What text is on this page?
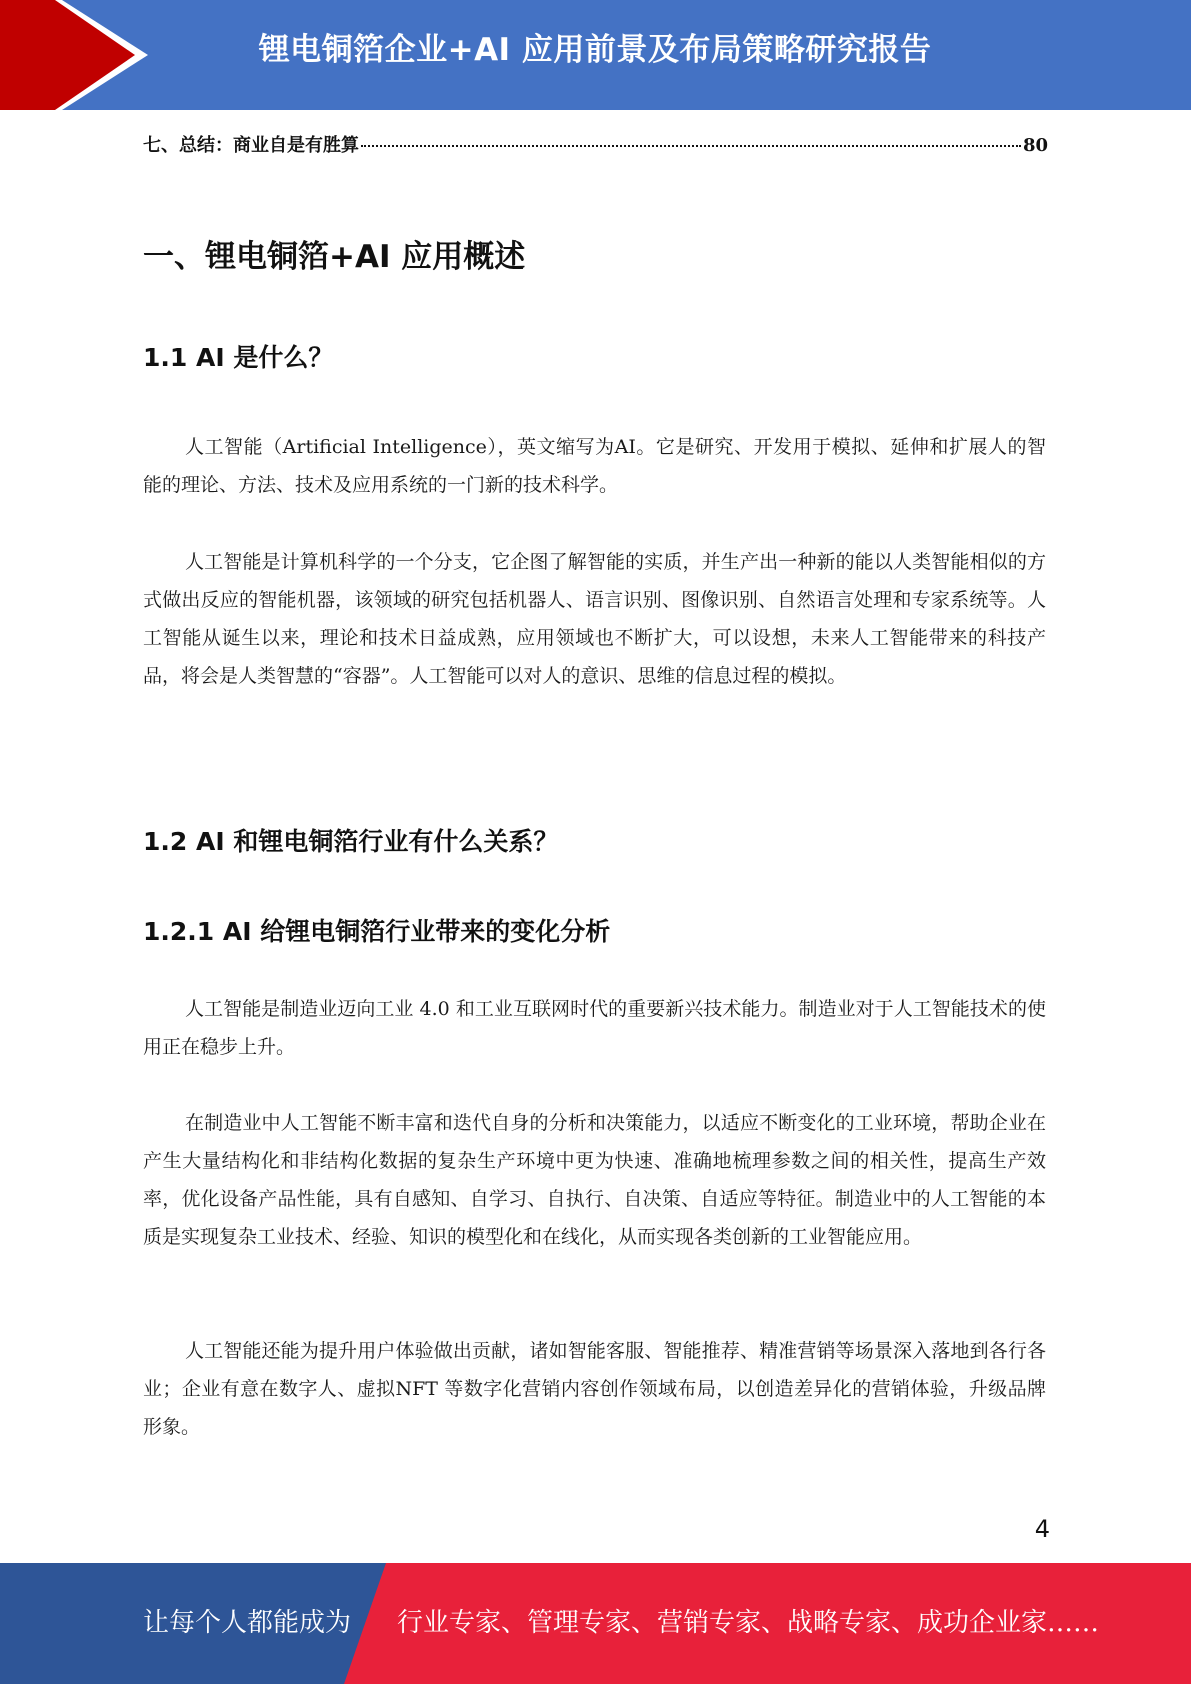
锂电铜箔企业+AI 应用前景及布局策略研究报告
七、总结：商业自是有胜算	80
一、锂电铜箔+AI 应用概述
1.1 AI 是什么？
人工智能（Artificial Intelligence），英文缩写为AI。它是研究、开发用于模拟、延伸和扩展人的智能的理论、方法、技术及应用系统的一门新的技术科学。
人工智能是计算机科学的一个分支，它企图了解智能的实质，并生产出一种新的能以人类智能相似的方式做出反应的智能机器，该领域的研究包括机器人、语言识别、图像识别、自然语言处理和专家系统等。人工智能从诞生以来，理论和技术日益成熟，应用领域也不断扩大，可以设想，未来人工智能带来的科技产品，将会是人类智慧的“容器”。人工智能可以对人的意识、思维的信息过程的模拟。
1.2 AI 和锂电铜箔行业有什么关系？
1.2.1 AI 给锂电铜箔行业带来的变化分析
人工智能是制造业迈向工业 4.0 和工业互联网时代的重要新兴技术能力。制造业对于人工智能技术的使用正在稳步上升。
在制造业中人工智能不断丰富和迭代自身的分析和决策能力，以适应不断变化的工业环境，帮助企业在产生大量结构化和非结构化数据的复杂生产环境中更为快速、准确地梳理参数之间的相关性，提高生产效率，优化设备产品性能，具有自感知、自学习、自执行、自决策、自适应等特征。制造业中的人工智能的本质是实现复杂工业技术、经验、知识的模型化和在线化，从而实现各类创新的工业智能应用。
人工智能还能为提升用户体验做出贡献，诸如智能客服、智能推荐、精准营销等场景深入落地到各行各业；企业有意在数字人、虚拟NFT 等数字化营销内容创作领域布局，以创造差异化的营销体验，升级品牌形象。
4
让每个人都能成为 行业专家、管理专家、营销专家、战略专家、成功企业家……
